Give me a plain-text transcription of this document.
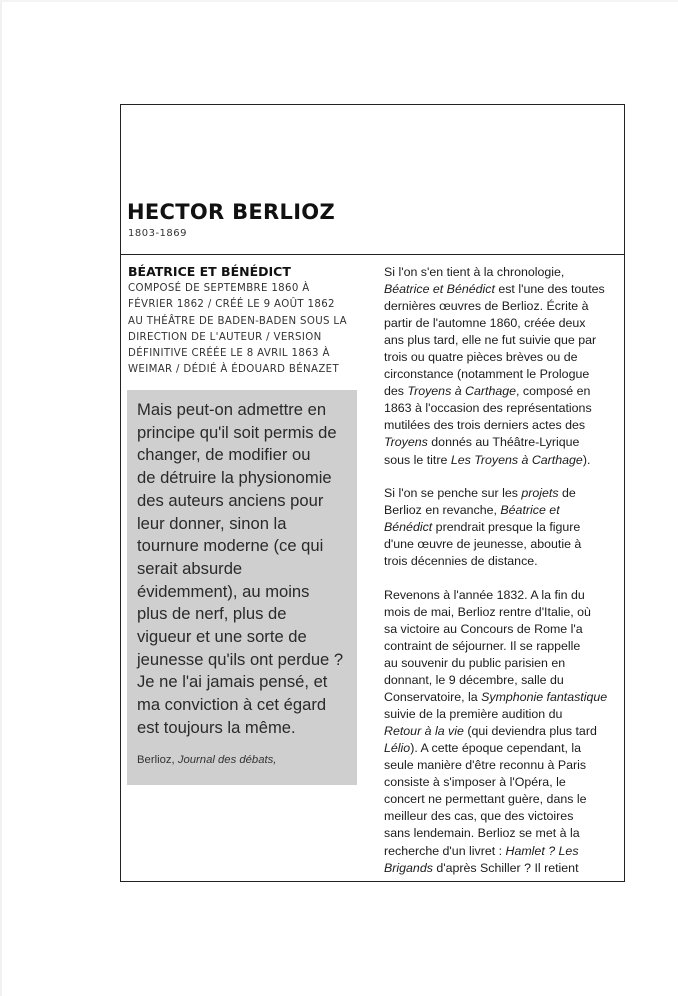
HECTOR BERLIOZ
1803-1869
BÉATRICE ET BÉNÉDICT
COMPOSÉ DE SEPTEMBRE 1860 À
FÉVRIER 1862 / CRÉÉ LE 9 AOÛT 1862
AU THÉÂTRE DE BADEN-BADEN SOUS LA
DIRECTION DE L'AUTEUR / VERSION
DÉFINITIVE CRÉÉE LE 8 AVRIL 1863 À
WEIMAR / DÉDIÉ À ÉDOUARD BÉNAZET
Mais peut-on admettre en
principe qu'il soit permis de
changer, de modifier ou
de détruire la physionomie
des auteurs anciens pour
leur donner, sinon la
tournure moderne (ce qui
serait absurde
évidemment), au moins
plus de nerf, plus de
vigueur et une sorte de
jeunesse qu'ils ont perdue ?
Je ne l'ai jamais pensé, et
ma conviction à cet égard
est toujours la même.
Berlioz, Journal des débats,

Si l'on s'en tient à la chronologie,
Béatrice et Bénédict est l'une des toutes
dernières œuvres de Berlioz. Écrite à
partir de l'automne 1860, créée deux
ans plus tard, elle ne fut suivie que par
trois ou quatre pièces brèves ou de
circonstance (notamment le Prologue
des Troyens à Carthage, composé en
1863 à l'occasion des représentations
mutilées des trois derniers actes des
Troyens donnés au Théâtre-Lyrique
sous le titre Les Troyens à Carthage).

Si l'on se penche sur les projets de
Berlioz en revanche, Béatrice et
Bénédict prendrait presque la figure
d'une œuvre de jeunesse, aboutie à
trois décennies de distance.

Revenons à l'année 1832. A la fin du
mois de mai, Berlioz rentre d'Italie, où
sa victoire au Concours de Rome l'a
contraint de séjourner. Il se rappelle
au souvenir du public parisien en
donnant, le 9 décembre, salle du
Conservatoire, la Symphonie fantastique
suivie de la première audition du
Retour à la vie (qui deviendra plus tard
Lélio). A cette époque cependant, la
seule manière d'être reconnu à Paris
consiste à s'imposer à l'Opéra, le
concert ne permettant guère, dans le
meilleur des cas, que des victoires
sans lendemain. Berlioz se met à la
recherche d'un livret : Hamlet ? Les
Brigands d'après Schiller ? Il retient
